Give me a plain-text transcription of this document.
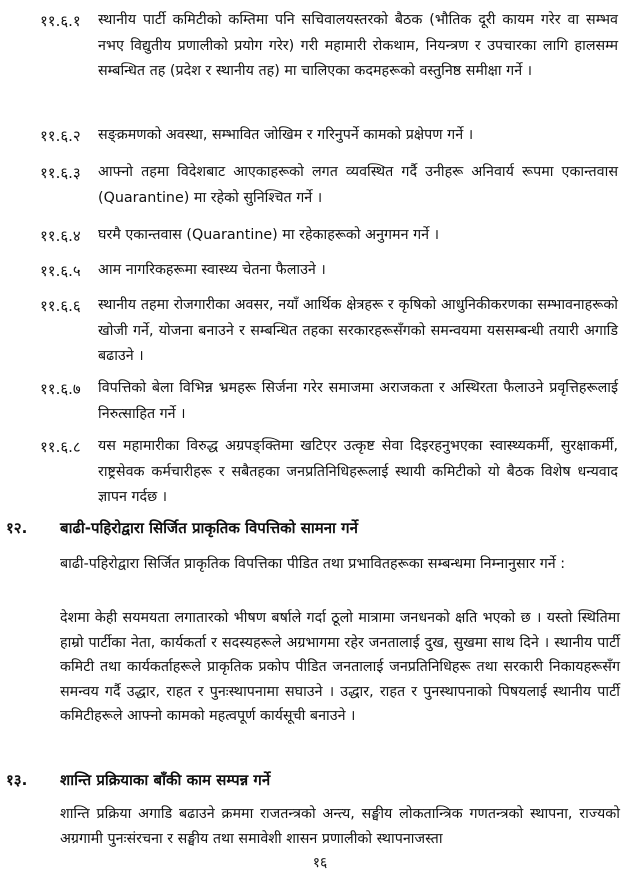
११.६.१ स्थानीय पार्टी कमिटीको कम्तिमा पनि सचिवालयस्तरको बैठक (भौतिक दूरी कायम गरेर वा सम्भव नभए विद्युतीय प्रणालीको प्रयोग गरेर) गरी महामारी रोकथाम, नियन्त्रण र उपचारका लागि हालसम्म सम्बन्धित तह (प्रदेश र स्थानीय तह) मा चालिएका कदमहरूको वस्तुनिष्ठ समीक्षा गर्ने ।
११.६.२ सङ्क्रमणको अवस्था, सम्भावित जोखिम र गरिनुपर्ने कामको प्रक्षेपण गर्ने ।
११.६.३ आफ्नो तहमा विदेशबाट आएकाहरूको लगत व्यवस्थित गर्दै उनीहरू अनिवार्य रूपमा एकान्तवास (Quarantine) मा रहेको सुनिश्चित गर्ने ।
११.६.४ घरमै एकान्तवास (Quarantine) मा रहेकाहरूको अनुगमन गर्ने ।
११.६.५ आम नागरिकहरूमा स्वास्थ्य चेतना फैलाउने ।
११.६.६ स्थानीय तहमा रोजगारीका अवसर, नयाँ आर्थिक क्षेत्रहरू र कृषिको आधुनिकीकरणका सम्भावनाहरूको खोजी गर्ने, योजना बनाउने र सम्बन्धित तहका सरकारहरूसँगको समन्वयमा यससम्बन्धी तयारी अगाडि बढाउने ।
११.६.७ विपत्तिको बेला विभिन्न भ्रमहरू सिर्जना गरेर समाजमा अराजकता र अस्थिरता फैलाउने प्रवृत्तिहरूलाई निरुत्साहित गर्ने ।
११.६.८ यस महामारीका विरुद्ध अग्रपङ्क्तिमा खटिएर उत्कृष्ट सेवा दिइरहनुभएका स्वास्थ्यकर्मी, सुरक्षाकर्मी, राष्ट्रसेवक कर्मचारीहरू र सबैतहका जनप्रतिनिधिहरूलाई स्थायी कमिटीको यो बैठक विशेष धन्यवाद ज्ञापन गर्दछ ।
१२. बाढी-पहिरोद्वारा सिर्जित प्राकृतिक विपत्तिको सामना गर्ने
बाढी-पहिरोद्वारा सिर्जित प्राकृतिक विपत्तिका पीडित तथा प्रभावितहरूका सम्बन्धमा निम्नानुसार गर्ने :
देशमा केही सयमयता लगातारको भीषण बर्षाले गर्दा ठूलो मात्रामा जनधनको क्षति भएको छ । यस्तो स्थितिमा हाम्रो पार्टीका नेता, कार्यकर्ता र सदस्यहरूले अग्रभागमा रहेर जनतालाई दुख, सुखमा साथ दिने । स्थानीय पार्टी कमिटी तथा कार्यकर्ताहरूले प्राकृतिक प्रकोप पीडित जनतालाई जनप्रतिनिधिहरू तथा सरकारी निकायहरूसँग समन्वय गर्दै उद्धार, राहत र पुनःस्थापनामा सघाउने । उद्धार, राहत र पुनस्थापनाको पिषयलाई स्थानीय पार्टी कमिटीहरूले आफ्नो कामको महत्वपूर्ण कार्यसूची बनाउने ।
१३. शान्ति प्रक्रियाका बाँकी काम सम्पन्न गर्ने
शान्ति प्रक्रिया अगाडि बढाउने क्रममा राजतन्त्रको अन्त्य, सङ्घीय लोकतान्त्रिक गणतन्त्रको स्थापना, राज्यको अग्रगामी पुनःसंरचना र सङ्घीय तथा समावेशी शासन प्रणालीको स्थापनाजस्ता
१६
